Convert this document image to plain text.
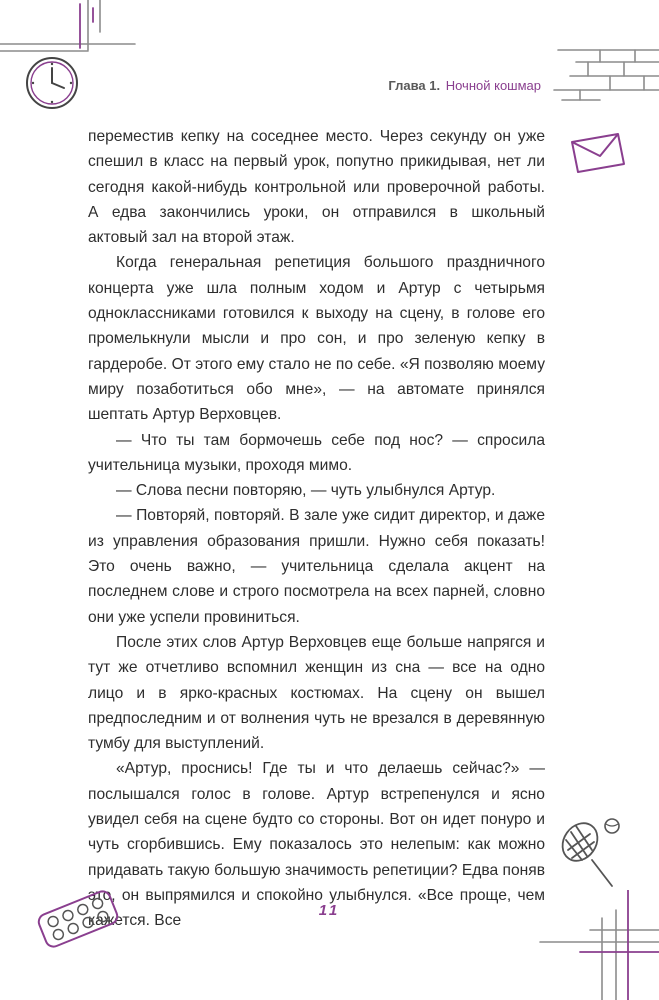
Глава 1. Ночной кошмар

переместив кепку на соседнее место. Через секунду он уже спешил в класс на первый урок, попутно прикидывая, нет ли сегодня какой-нибудь контрольной или проверочной работы. А едва закончились уроки, он отправился в школьный актовый зал на второй этаж.

Когда генеральная репетиция большого праздничного концерта уже шла полным ходом и Артур с четырьмя одноклассниками готовился к выходу на сцену, в голове его промелькнули мысли и про сон, и про зеленую кепку в гардеробе. От этого ему стало не по себе. «Я позволяю моему миру позаботиться обо мне», — на автомате принялся шептать Артур Верховцев.

— Что ты там бормочешь себе под нос? — спросила учительница музыки, проходя мимо.

— Слова песни повторяю, — чуть улыбнулся Артур.

— Повторяй, повторяй. В зале уже сидит директор, и даже из управления образования пришли. Нужно себя показать! Это очень важно, — учительница сделала акцент на последнем слове и строго посмотрела на всех парней, словно они уже успели провиниться.

После этих слов Артур Верховцев еще больше напрягся и тут же отчетливо вспомнил женщин из сна — все на одно лицо и в ярко-красных костюмах. На сцену он вышел предпоследним и от волнения чуть не врезался в деревянную тумбу для выступлений.

«Артур, проснись! Где ты и что делаешь сейчас?» — послышался голос в голове. Артур встрепенулся и ясно увидел себя на сцене будто со стороны. Вот он идет понуро и чуть сгорбившись. Ему показалось это нелепым: как можно придавать такую большую значимость репетиции? Едва поняв это, он выпрямился и спокойно улыбнулся. «Все проще, чем кажется. Все

11
